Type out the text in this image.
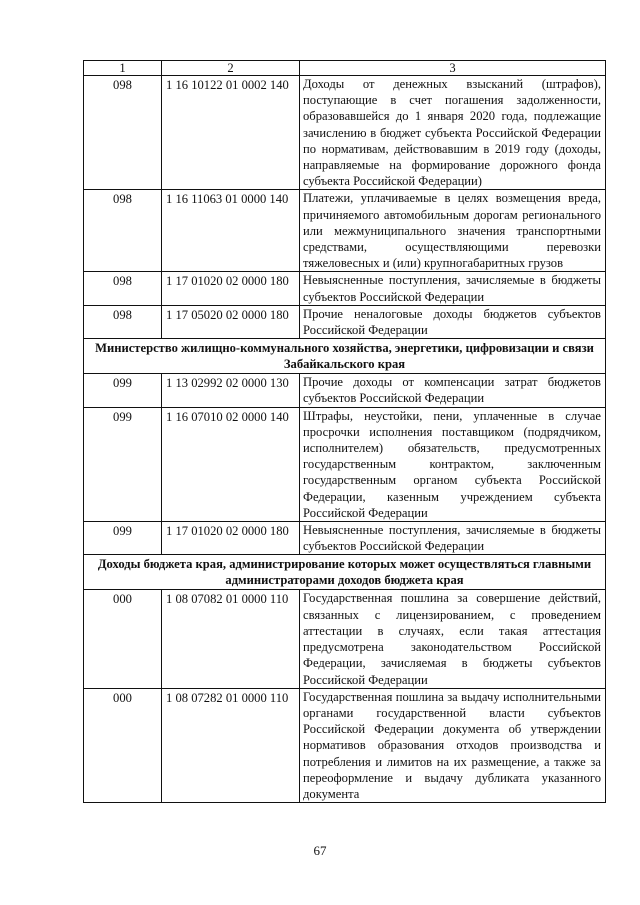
1	2	3
098	1 16 10122 01 0002 140	Доходы от денежных взысканий (штрафов), поступающие в счет погашения задолженности, образовавшейся до 1 января 2020 года, подлежащие зачислению в бюджет субъекта Российской Федерации по нормативам, действовавшим в 2019 году (доходы, направляемые на формирование дорожного фонда субъекта Российской Федерации)
098	1 16 11063 01 0000 140	Платежи, уплачиваемые в целях возмещения вреда, причиняемого автомобильным дорогам регионального или межмуниципального значения транспортными средствами, осуществляющими перевозки тяжеловесных и (или) крупногабаритных грузов
098	1 17 01020 02 0000 180	Невыясненные поступления, зачисляемые в бюджеты субъектов Российской Федерации
098	1 17 05020 02 0000 180	Прочие неналоговые доходы бюджетов субъектов Российской Федерации
Министерство жилищно-коммунального хозяйства, энергетики, цифровизации и связи Забайкальского края		
099	1 13 02992 02 0000 130	Прочие доходы от компенсации затрат бюджетов субъектов Российской Федерации
099	1 16 07010 02 0000 140	Штрафы, неустойки, пени, уплаченные в случае просрочки исполнения поставщиком (подрядчиком, исполнителем) обязательств, предусмотренных государственным контрактом, заключенным государственным органом субъекта Российской Федерации, казенным учреждением субъекта Российской Федерации
099	1 17 01020 02 0000 180	Невыясненные поступления, зачисляемые в бюджеты субъектов Российской Федерации
Доходы бюджета края, администрирование которых может осуществляться главными администраторами доходов бюджета края		
000	1 08 07082 01 0000 110	Государственная пошлина за совершение действий, связанных с лицензированием, с проведением аттестации в случаях, если такая аттестация предусмотрена законодательством Российской Федерации, зачисляемая в бюджеты субъектов Российской Федерации
000	1 08 07282 01 0000 110	Государственная пошлина за выдачу исполнительными органами государственной власти субъектов Российской Федерации документа об утверждении нормативов образования отходов производства и потребления и лимитов на их размещение, а также за переоформление и выдачу дубликата указанного документа
67
